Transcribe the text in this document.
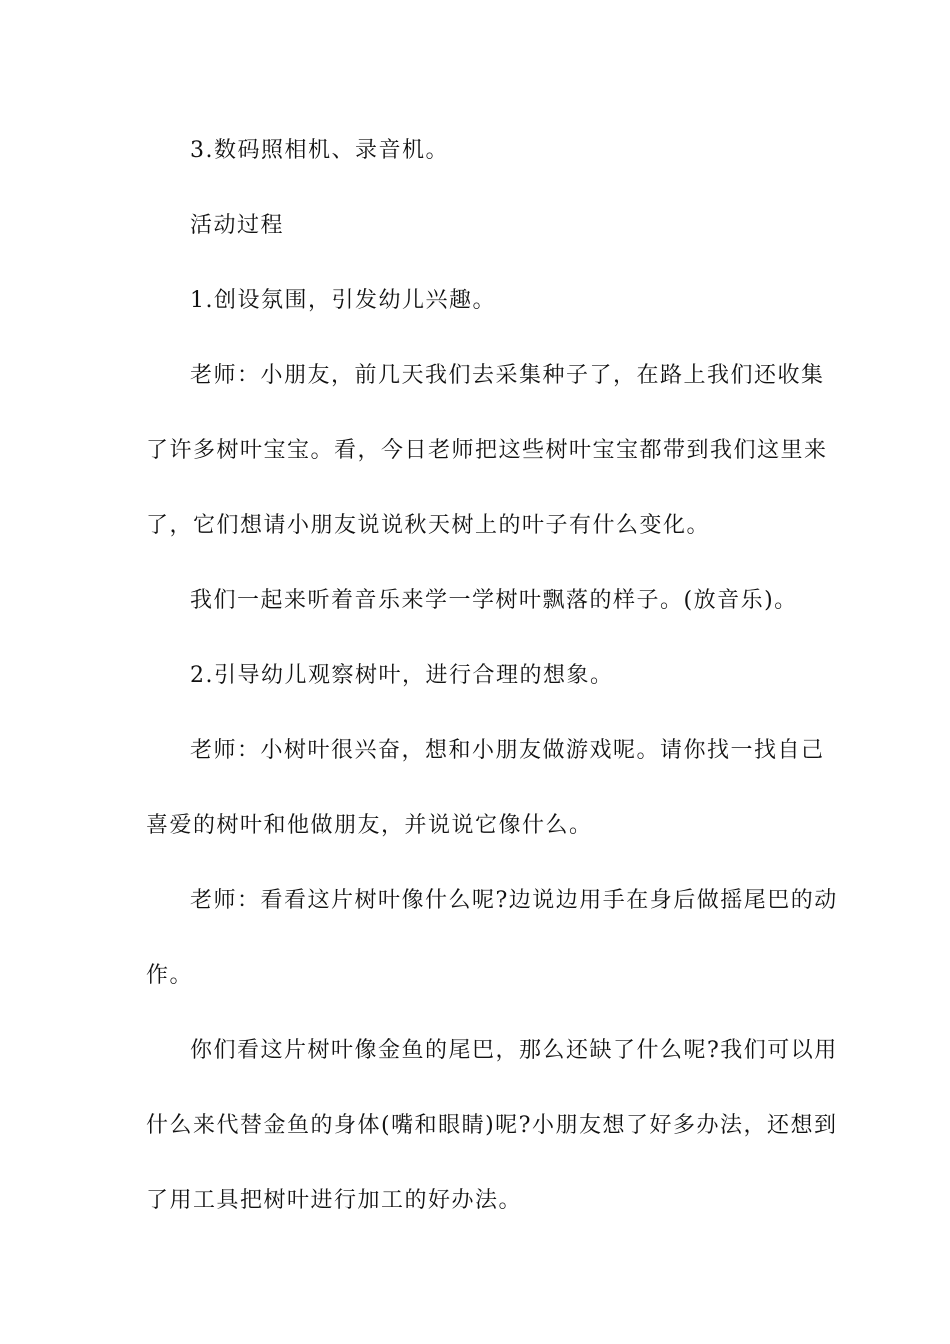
3.数码照相机、录音机。
活动过程
1.创设氛围，引发幼儿兴趣。
老师：小朋友，前几天我们去采集种子了，在路上我们还收集
了许多树叶宝宝。看，今日老师把这些树叶宝宝都带到我们这里来
了，它们想请小朋友说说秋天树上的叶子有什么变化。
我们一起来听着音乐来学一学树叶飘落的样子。(放音乐)。
2.引导幼儿观察树叶，进行合理的想象。
老师：小树叶很兴奋，想和小朋友做游戏呢。请你找一找自己
喜爱的树叶和他做朋友，并说说它像什么。
老师：看看这片树叶像什么呢?边说边用手在身后做摇尾巴的动
作。
你们看这片树叶像金鱼的尾巴，那么还缺了什么呢?我们可以用
什么来代替金鱼的身体(嘴和眼睛)呢?小朋友想了好多办法，还想到
了用工具把树叶进行加工的好办法。
